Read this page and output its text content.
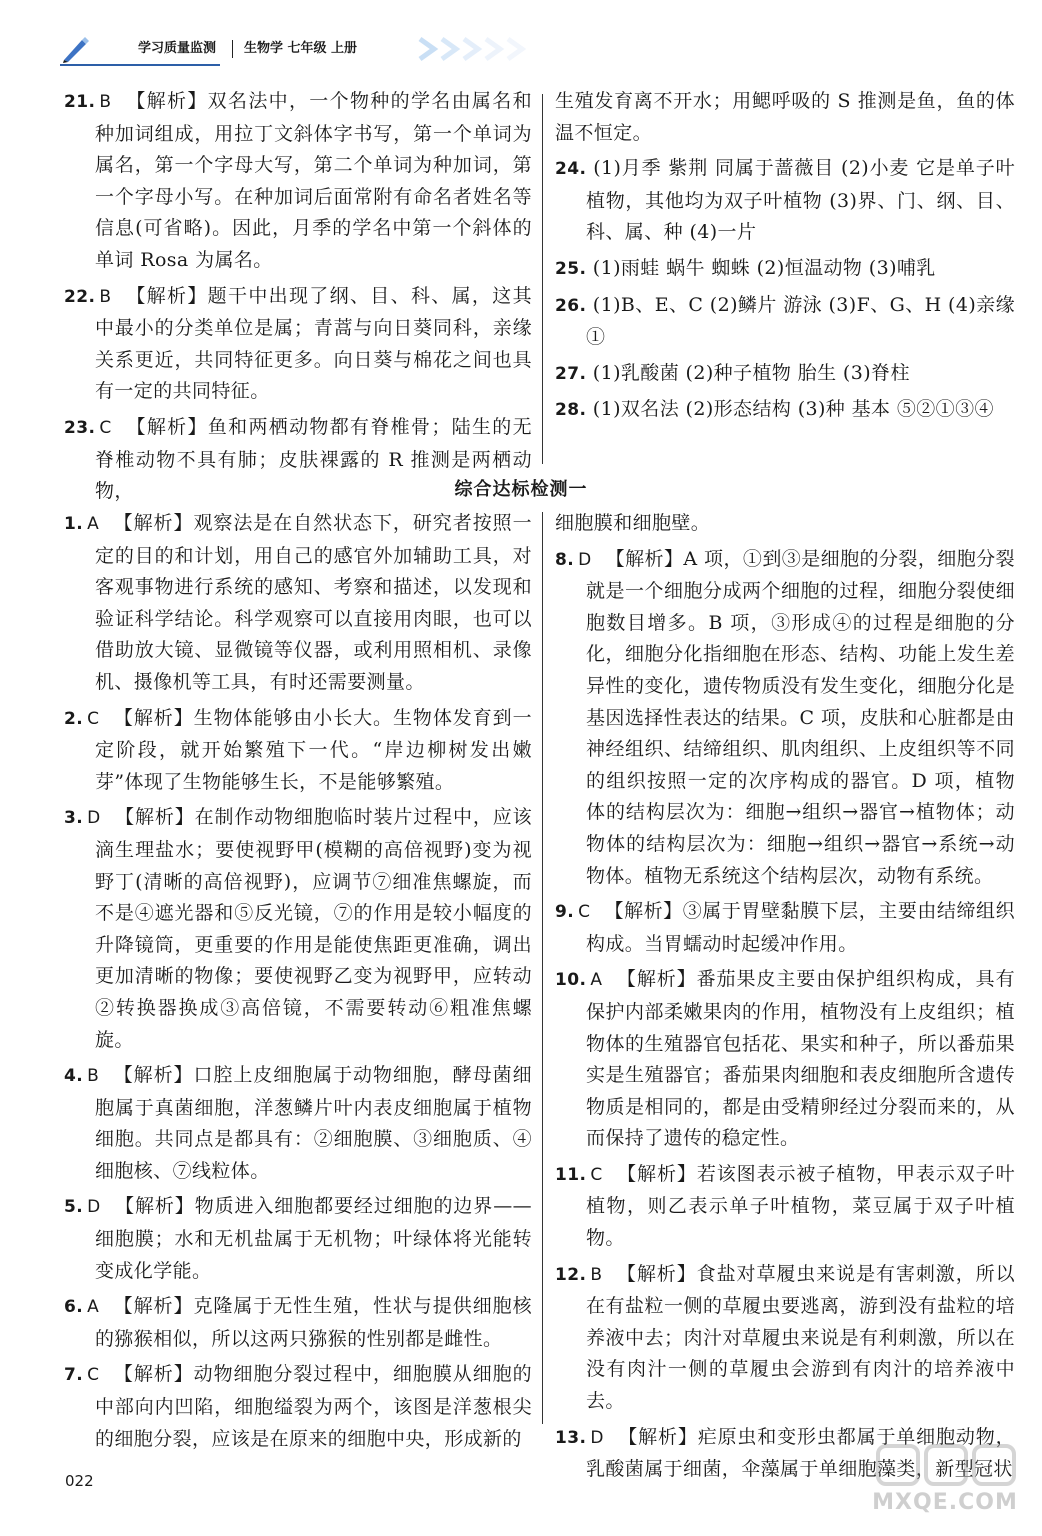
学习质量监测 生物学 七年级 上册
21. B 【解析】双名法中，一个物种的学名由属名和种加词组成，用拉丁文斜体字书写，第一个单词为属名，第一个字母大写，第二个单词为种加词，第一个字母小写。在种加词后面常附有命名者姓名等信息(可省略)。因此，月季的学名中第一个斜体的单词 Rosa 为属名。
22. B 【解析】题干中出现了纲、目、科、属，这其中最小的分类单位是属；青蒿与向日葵同科，亲缘关系更近，共同特征更多。向日葵与棉花之间也具有一定的共同特征。
23. C 【解析】鱼和两栖动物都有脊椎骨；陆生的无脊椎动物不具有肺；皮肤裸露的 R 推测是两栖动物，
生殖发育离不开水；用鳃呼吸的 S 推测是鱼，鱼的体温不恒定。
24. (1)月季 紫荆 同属于蔷薇目 (2)小麦 它是单子叶植物，其他均为双子叶植物 (3)界、门、纲、目、科、属、种 (4)一片
25. (1)雨蛙 蜗牛 蜘蛛 (2)恒温动物 (3)哺乳
26. (1)B、E、C (2)鳞片 游泳 (3)F、G、H (4)亲缘 ①
27. (1)乳酸菌 (2)种子植物 胎生 (3)脊柱
28. (1)双名法 (2)形态结构 (3)种 基本 ⑤②①③④
综合达标检测一
1. A 【解析】观察法是在自然状态下，研究者按照一定的目的和计划，用自己的感官外加辅助工具，对客观事物进行系统的感知、考察和描述，以发现和验证科学结论。科学观察可以直接用肉眼，也可以借助放大镜、显微镜等仪器，或利用照相机、录像机、摄像机等工具，有时还需要测量。
2. C 【解析】生物体能够由小长大。生物体发育到一定阶段，就开始繁殖下一代。“岸边柳树发出嫩芽”体现了生物能够生长，不是能够繁殖。
3. D 【解析】在制作动物细胞临时装片过程中，应该滴生理盐水；要使视野甲(模糊的高倍视野)变为视野丁(清晰的高倍视野)，应调节⑦细准焦螺旋，而不是④遮光器和⑤反光镜，⑦的作用是较小幅度的升降镜筒，更重要的作用是能使焦距更准确，调出更加清晰的物像；要使视野乙变为视野甲，应转动②转换器换成③高倍镜，不需要转动⑥粗准焦螺旋。
4. B 【解析】口腔上皮细胞属于动物细胞，酵母菌细胞属于真菌细胞，洋葱鳞片叶内表皮细胞属于植物细胞。共同点是都具有：②细胞膜、③细胞质、④细胞核、⑦线粒体。
5. D 【解析】物质进入细胞都要经过细胞的边界——细胞膜；水和无机盐属于无机物；叶绿体将光能转变成化学能。
6. A 【解析】克隆属于无性生殖，性状与提供细胞核的猕猴相似，所以这两只猕猴的性别都是雌性。
7. C 【解析】动物细胞分裂过程中，细胞膜从细胞的中部向内凹陷，细胞缢裂为两个，该图是洋葱根尖的细胞分裂，应该是在原来的细胞中央，形成新的
细胞膜和细胞壁。
8. D 【解析】A 项，①到③是细胞的分裂，细胞分裂就是一个细胞分成两个细胞的过程，细胞分裂使细胞数目增多。B 项，③形成④的过程是细胞的分化，细胞分化指细胞在形态、结构、功能上发生差异性的变化，遗传物质没有发生变化，细胞分化是基因选择性表达的结果。C 项，皮肤和心脏都是由神经组织、结缔组织、肌肉组织、上皮组织等不同的组织按照一定的次序构成的器官。D 项，植物体的结构层次为：细胞→组织→器官→植物体；动物体的结构层次为：细胞→组织→器官→系统→动物体。植物无系统这个结构层次，动物有系统。
9. C 【解析】③属于胃壁黏膜下层，主要由结缔组织构成。当胃蠕动时起缓冲作用。
10. A 【解析】番茄果皮主要由保护组织构成，具有保护内部柔嫩果肉的作用，植物没有上皮组织；植物体的生殖器官包括花、果实和种子，所以番茄果实是生殖器官；番茄果肉细胞和表皮细胞所含遗传物质是相同的，都是由受精卵经过分裂而来的，从而保持了遗传的稳定性。
11. C 【解析】若该图表示被子植物，甲表示双子叶植物，则乙表示单子叶植物，菜豆属于双子叶植物。
12. B 【解析】食盐对草履虫来说是有害刺激，所以在有盐粒一侧的草履虫要逃离，游到没有盐粒的培养液中去；肉汁对草履虫来说是有利刺激，所以在没有肉汁一侧的草履虫会游到有肉汁的培养液中去。
13. D 【解析】疟原虫和变形虫都属于单细胞动物，乳酸菌属于细菌，伞藻属于单细胞藻类，新型冠状
022
MXQE.COM
